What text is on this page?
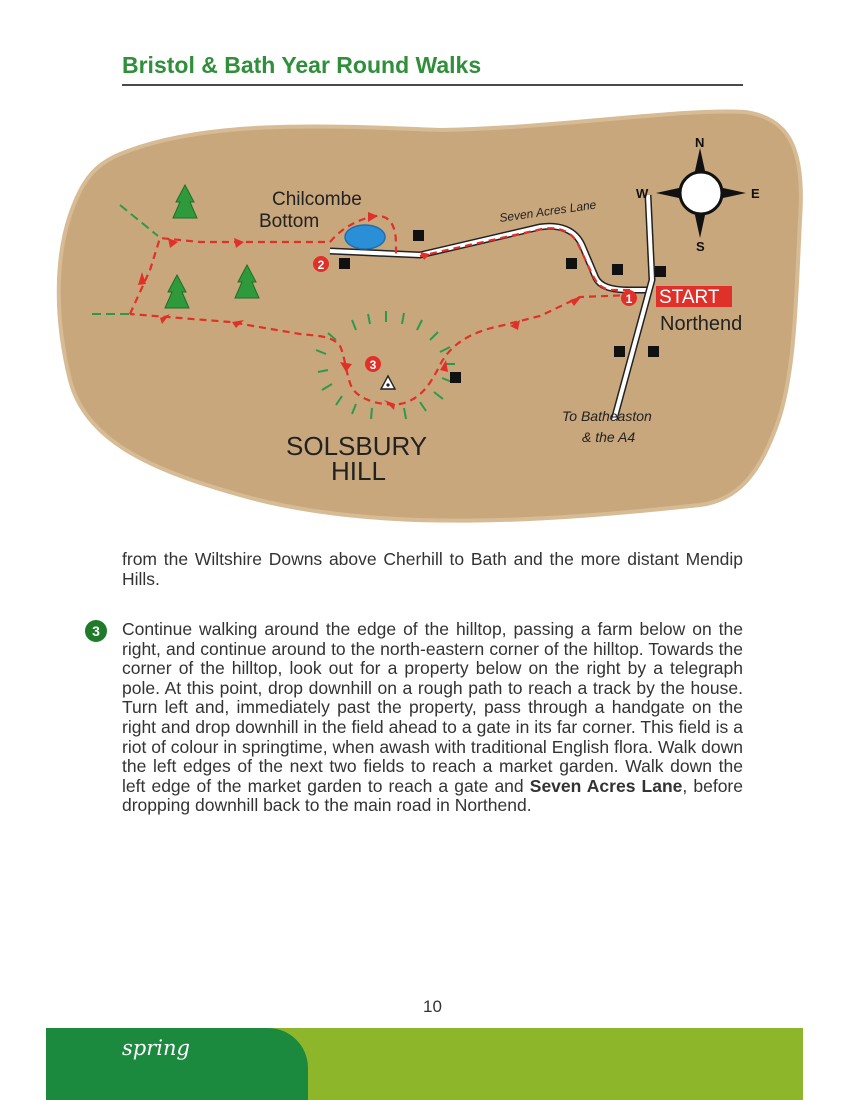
Bristol & Bath Year Round Walks
N
S
W	E
2
3
1 START
Chilcombe
Bottom	Seven Acres Lane
Northend
To Batheaston
& the A4
SOLSBURY
HILL
from the Wiltshire Downs above Cherhill to Bath and the more distant Mendip Hills.
3	Continue walking around the edge of the hilltop, passing a farm below on the right, and continue around to the north-eastern corner of the hilltop. Towards the corner of the hilltop, look out for a property below on the right by a telegraph pole. At this point, drop downhill on a rough path to reach a track by the house. Turn left and, immediately past the property, pass through a handgate on the right and drop downhill in the field ahead to a gate in its far corner. This field is a riot of colour in springtime, when awash with traditional English flora. Walk down the left edges of the next two fields to reach a market garden. Walk down the left edge of the market garden to reach a gate and Seven Acres Lane, before dropping downhill back to the main road in Northend.
10
spring
